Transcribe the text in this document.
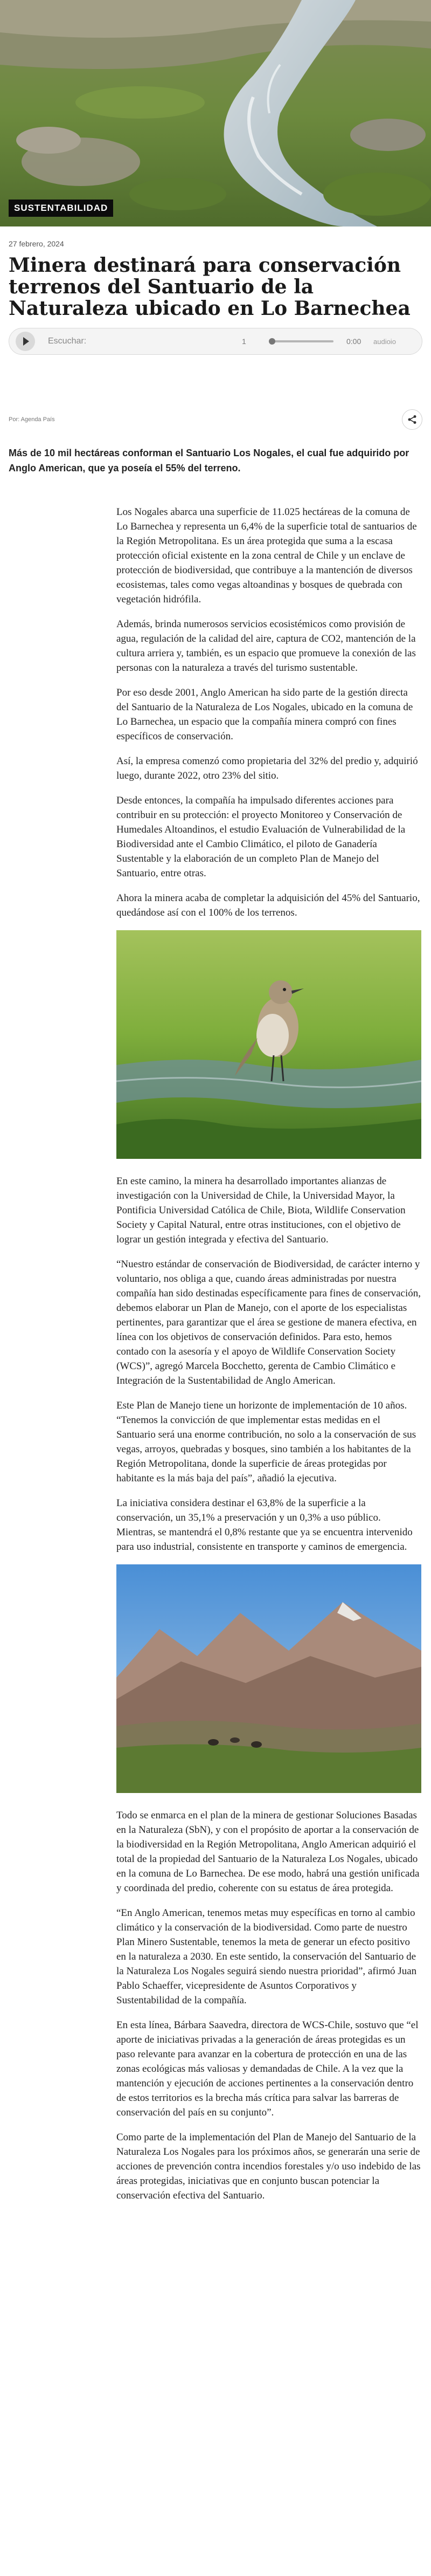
SUSTENTABILIDAD
27 febrero, 2024
Minera destinará para conservación terrenos del Santuario de la Naturaleza ubicado en Lo Barnechea
Escuchar:	1	0:00	audioio
Por: Agenda País

Más de 10 mil hectáreas conforman el Santuario Los Nogales, el cual fue adquirido por Anglo American, que ya poseía el 55% del terreno.

Los Nogales abarca una superficie de 11.025 hectáreas de la comuna de Lo Barnechea y representa un 6,4% de la superficie total de santuarios de la Región Metropolitana. Es un área protegida que suma a la escasa protección oficial existente en la zona central de Chile y un enclave de protección de biodiversidad, que contribuye a la mantención de diversos ecosistemas, tales como vegas altoandinas y bosques de quebrada con vegetación hidrófila.

Además, brinda numerosos servicios ecosistémicos como provisión de agua, regulación de la calidad del aire, captura de CO2, mantención de la cultura arriera y, también, es un espacio que promueve la conexión de las personas con la naturaleza a través del turismo sustentable.

Por eso desde 2001, Anglo American ha sido parte de la gestión directa del Santuario de la Naturaleza de Los Nogales, ubicado en la comuna de Lo Barnechea, un espacio que la compañía minera compró con fines específicos de conservación.

Así, la empresa comenzó como propietaria del 32% del predio y, adquirió luego, durante 2022, otro 23% del sitio.

Desde entonces, la compañía ha impulsado diferentes acciones para contribuir en su protección: el proyecto Monitoreo y Conservación de Humedales Altoandinos, el estudio Evaluación de Vulnerabilidad de la Biodiversidad ante el Cambio Climático, el piloto de Ganadería Sustentable y la elaboración de un completo Plan de Manejo del Santuario, entre otras.

Ahora la minera acaba de completar la adquisición del 45% del Santuario, quedándose así con el 100% de los terrenos.

En este camino, la minera ha desarrollado importantes alianzas de investigación con la Universidad de Chile, la Universidad Mayor, la Pontificia Universidad Católica de Chile, Biota, Wildlife Conservation Society y Capital Natural, entre otras instituciones, con el objetivo de lograr un gestión integrada y efectiva del Santuario.

“Nuestro estándar de conservación de Biodiversidad, de carácter interno y voluntario, nos obliga a que, cuando áreas administradas por nuestra compañía han sido destinadas específicamente para fines de conservación, debemos elaborar un Plan de Manejo, con el aporte de los especialistas pertinentes, para garantizar que el área se gestione de manera efectiva, en línea con los objetivos de conservación definidos. Para esto, hemos contado con la asesoría y el apoyo de Wildlife Conservation Society (WCS)”, agregó Marcela Bocchetto, gerenta de Cambio Climático e Integración de la Sustentabilidad de Anglo American.

Este Plan de Manejo tiene un horizonte de implementación de 10 años. “Tenemos la convicción de que implementar estas medidas en el Santuario será una enorme contribución, no solo a la conservación de sus vegas, arroyos, quebradas y bosques, sino también a los habitantes de la Región Metropolitana, donde la superficie de áreas protegidas por habitante es la más baja del país”, añadió la ejecutiva.

La iniciativa considera destinar el 63,8% de la superficie a la conservación, un 35,1% a preservación y un 0,3% a uso público. Mientras, se mantendrá el 0,8% restante que ya se encuentra intervenido para uso industrial, consistente en transporte y caminos de emergencia.

Todo se enmarca en el plan de la minera de gestionar Soluciones Basadas en la Naturaleza (SbN), y con el propósito de aportar a la conservación de la biodiversidad en la Región Metropolitana, Anglo American adquirió el total de la propiedad del Santuario de la Naturaleza Los Nogales, ubicado en la comuna de Lo Barnechea. De ese modo, habrá una gestión unificada y coordinada del predio, coherente con su estatus de área protegida.

“En Anglo American, tenemos metas muy específicas en torno al cambio climático y la conservación de la biodiversidad. Como parte de nuestro Plan Minero Sustentable, tenemos la meta de generar un efecto positivo en la naturaleza a 2030. En este sentido, la conservación del Santuario de la Naturaleza Los Nogales seguirá siendo nuestra prioridad”, afirmó Juan Pablo Schaeffer, vicepresidente de Asuntos Corporativos y Sustentabilidad de la compañía.

En esta línea, Bárbara Saavedra, directora de WCS-Chile, sostuvo que “el aporte de iniciativas privadas a la generación de áreas protegidas es un paso relevante para avanzar en la cobertura de protección en una de las zonas ecológicas más valiosas y demandadas de Chile. A la vez que la mantención y ejecución de acciones pertinentes a la conservación dentro de estos territorios es la brecha más crítica para salvar las barreras de conservación del país en su conjunto”.

Como parte de la implementación del Plan de Manejo del Santuario de la Naturaleza Los Nogales para los próximos años, se generarán una serie de acciones de prevención contra incendios forestales y/o uso indebido de las áreas protegidas, iniciativas que en conjunto buscan potenciar la conservación efectiva del Santuario.
